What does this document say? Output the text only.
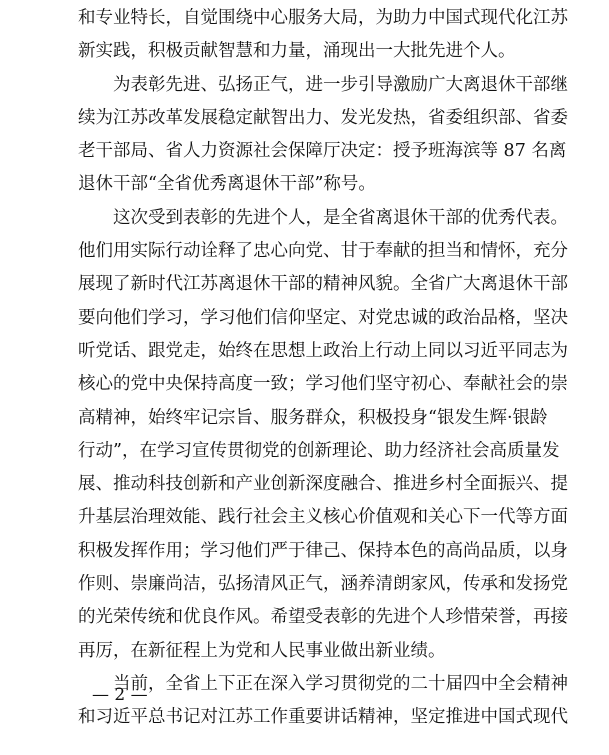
和专业特长，自觉围绕中心服务大局，为助力中国式现代化江苏
新实践，积极贡献智慧和力量，涌现出一大批先进个人。
为表彰先进、弘扬正气，进一步引导激励广大离退休干部继
续为江苏改革发展稳定献智出力、发光发热，省委组织部、省委
老干部局、省人力资源社会保障厅决定：授予班海滨等 87 名离
退休干部“全省优秀离退休干部”称号。
这次受到表彰的先进个人，是全省离退休干部的优秀代表。
他们用实际行动诠释了忠心向党、甘于奉献的担当和情怀，充分
展现了新时代江苏离退休干部的精神风貌。全省广大离退休干部
要向他们学习，学习他们信仰坚定、对党忠诚的政治品格，坚决
听党话、跟党走，始终在思想上政治上行动上同以习近平同志为
核心的党中央保持高度一致；学习他们坚守初心、奉献社会的崇
高精神，始终牢记宗旨、服务群众，积极投身“银发生辉·银龄
行动”，在学习宣传贯彻党的创新理论、助力经济社会高质量发
展、推动科技创新和产业创新深度融合、推进乡村全面振兴、提
升基层治理效能、践行社会主义核心价值观和关心下一代等方面
积极发挥作用；学习他们严于律己、保持本色的高尚品质，以身
作则、崇廉尚洁，弘扬清风正气，涵养清朗家风，传承和发扬党
的光荣传统和优良作风。希望受表彰的先进个人珍惜荣誉，再接
再厉，在新征程上为党和人民事业做出新业绩。
当前，全省上下正在深入学习贯彻党的二十届四中全会精神
和习近平总书记对江苏工作重要讲话精神，坚定推进中国式现代
— 2 —
